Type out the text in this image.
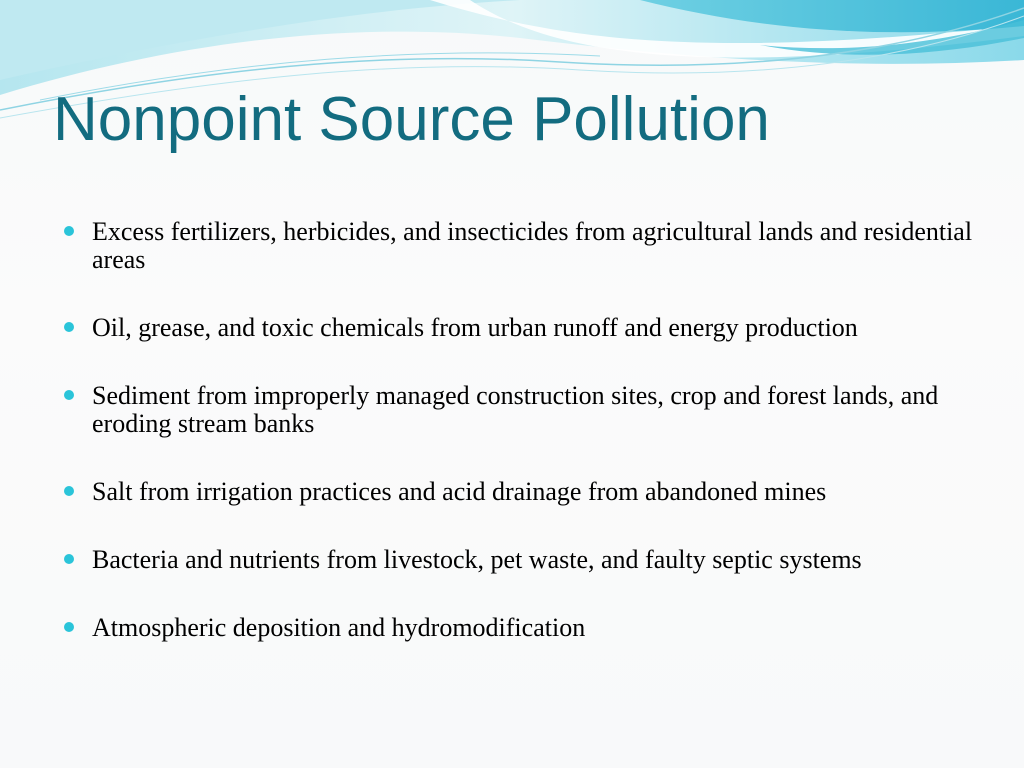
Nonpoint Source Pollution
Excess fertilizers, herbicides, and insecticides from agricultural lands and residential areas
Oil, grease, and toxic chemicals from urban runoff and energy production
Sediment from improperly managed construction sites, crop and forest lands, and eroding stream banks
Salt from irrigation practices and acid drainage from abandoned mines
Bacteria and nutrients from livestock, pet waste, and faulty septic systems
Atmospheric deposition and hydromodification
